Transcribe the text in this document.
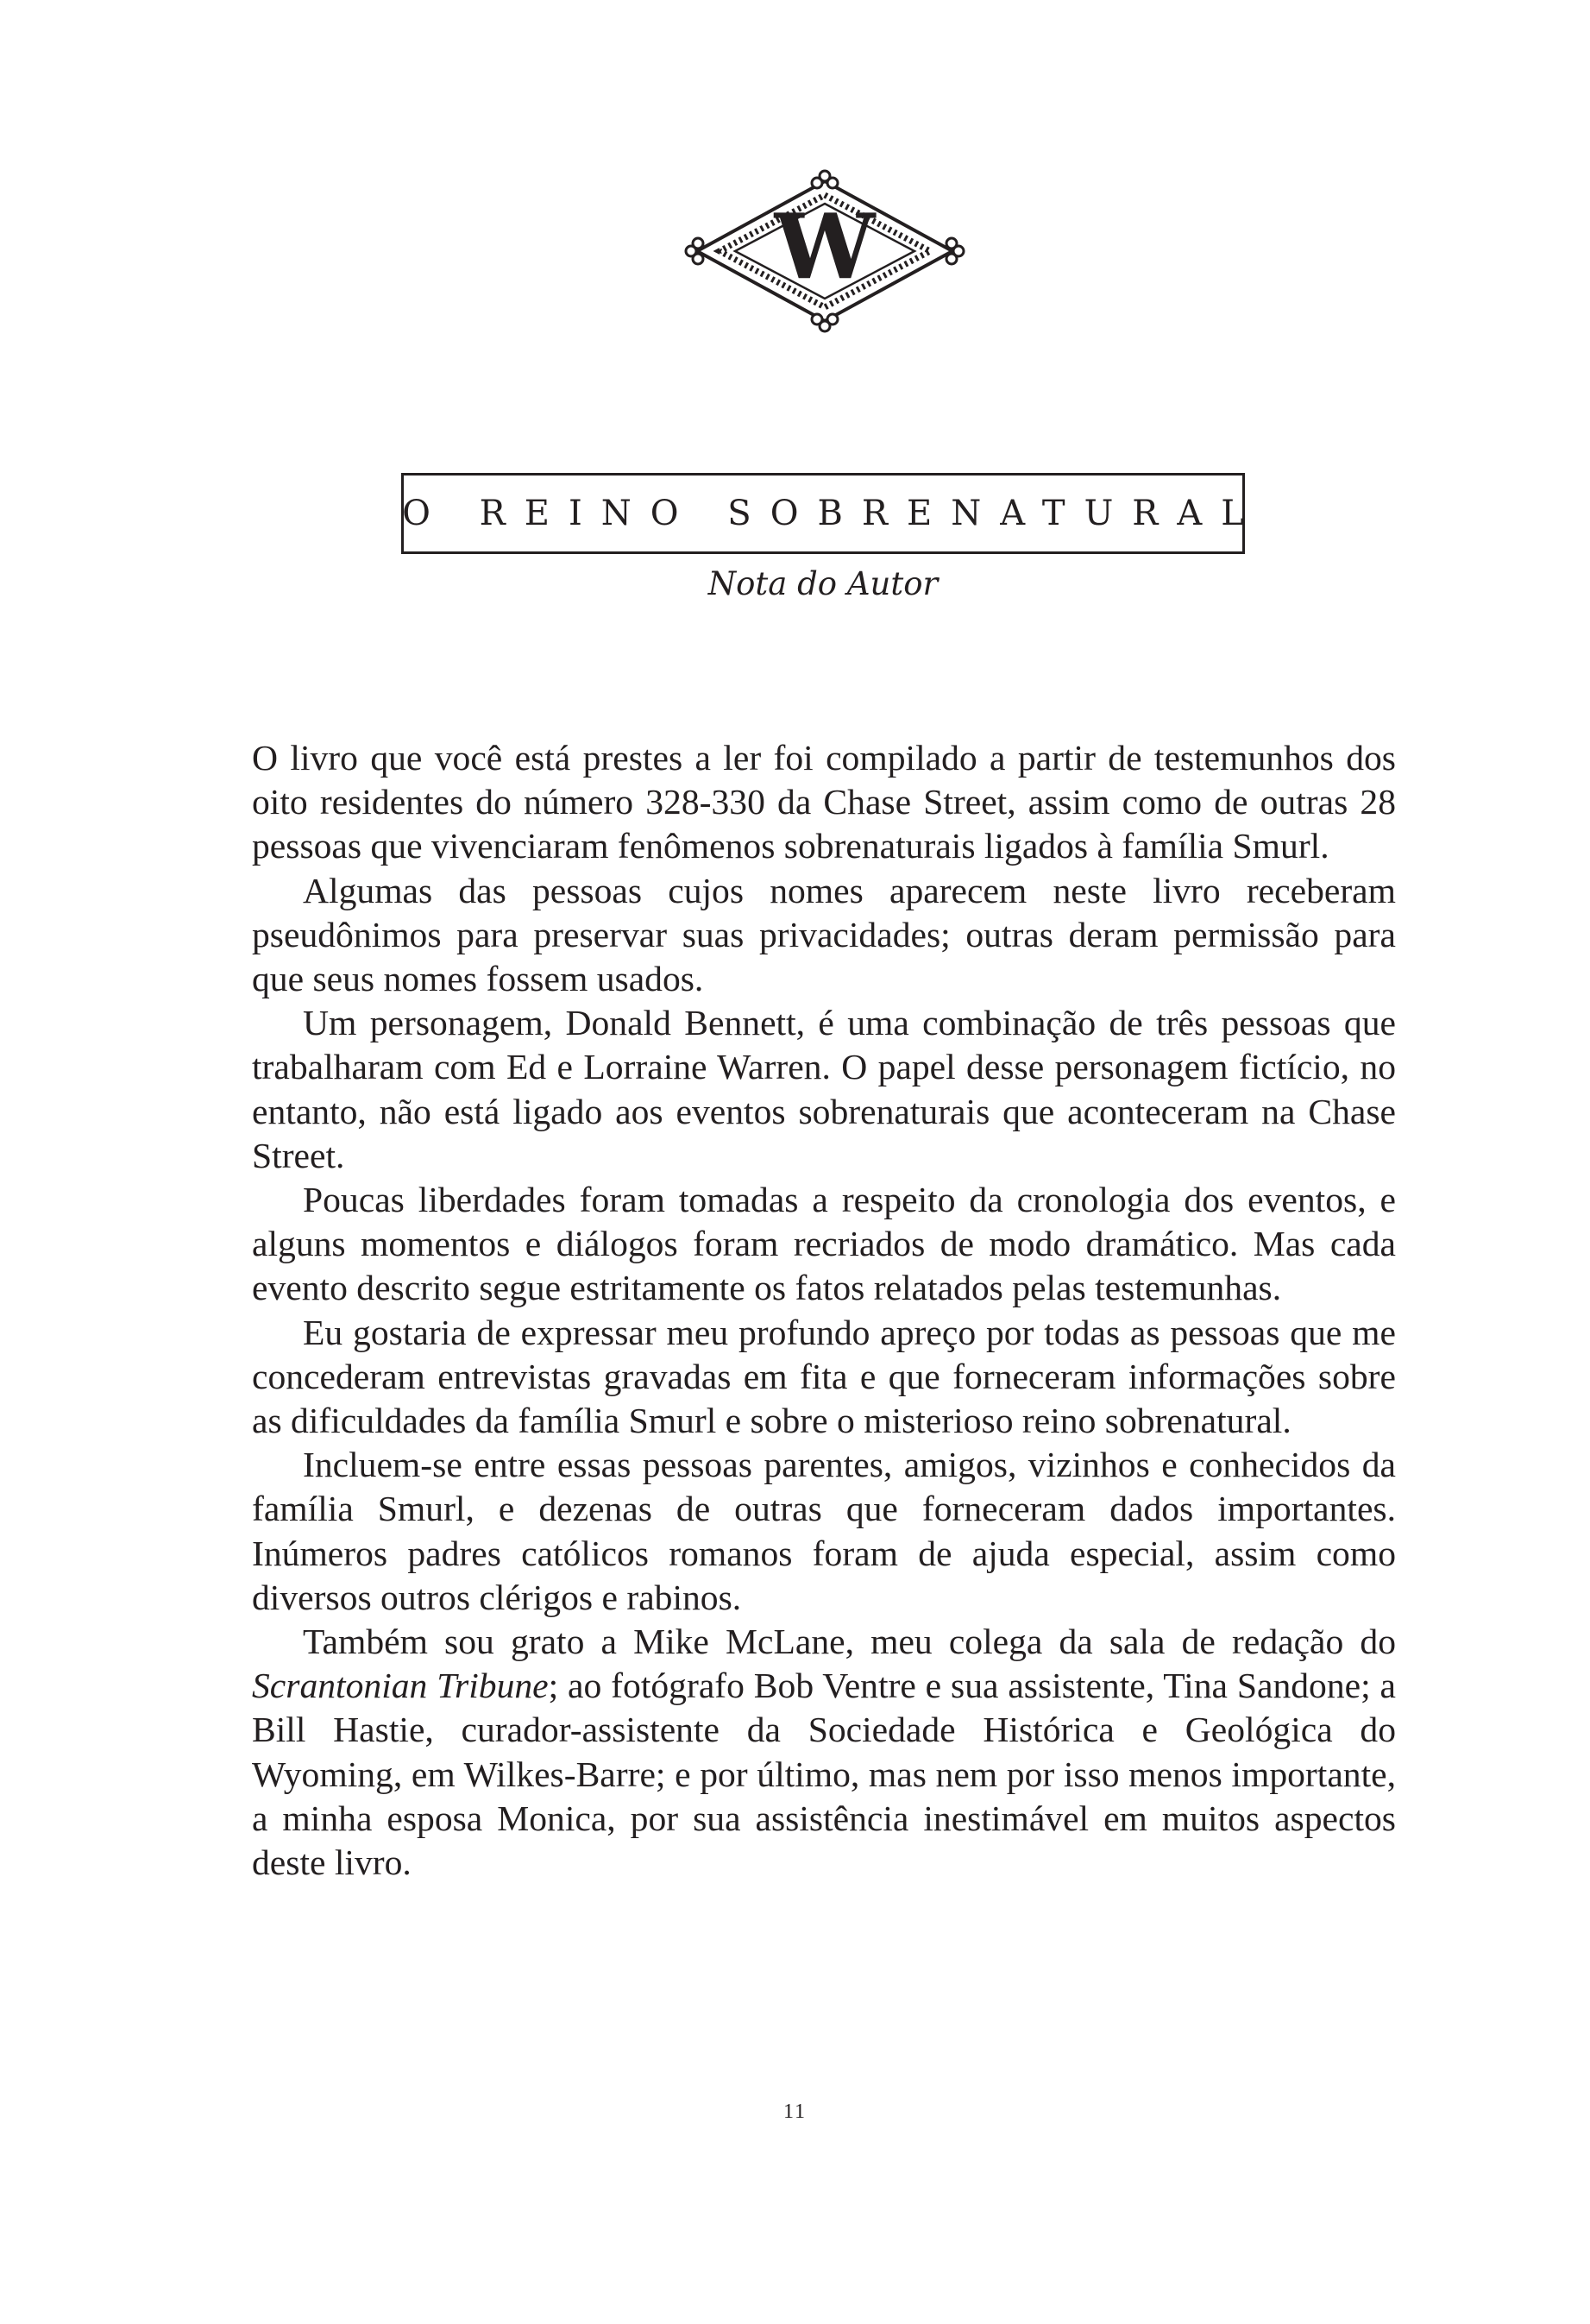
W
O REINO SOBRENATURAL
Nota do Autor

O livro que você está prestes a ler foi compilado a partir de testemunhos dos oito residentes do número 328-330 da Chase Street, assim como de outras 28 pessoas que vivenciaram fenômenos sobrenaturais ligados à família Smurl.

Algumas das pessoas cujos nomes aparecem neste livro receberam pseudônimos para preservar suas privacidades; outras deram permissão para que seus nomes fossem usados.

Um personagem, Donald Bennett, é uma combinação de três pessoas que trabalharam com Ed e Lorraine Warren. O papel desse personagem fictício, no entanto, não está ligado aos eventos sobrenaturais que aconteceram na Chase Street.

Poucas liberdades foram tomadas a respeito da cronologia dos eventos, e alguns momentos e diálogos foram recriados de modo dramático. Mas cada evento descrito segue estritamente os fatos relatados pelas testemunhas.

Eu gostaria de expressar meu profundo apreço por todas as pessoas que me concederam entrevistas gravadas em fita e que forneceram informações sobre as dificuldades da família Smurl e sobre o misterioso reino sobrenatural.

Incluem-se entre essas pessoas parentes, amigos, vizinhos e conhecidos da família Smurl, e dezenas de outras que forneceram dados importantes. Inúmeros padres católicos romanos foram de ajuda especial, assim como diversos outros clérigos e rabinos.

Também sou grato a Mike McLane, meu colega da sala de redação do Scrantonian Tribune; ao fotógrafo Bob Ventre e sua assistente, Tina Sandone; a Bill Hastie, curador-assistente da Sociedade Histórica e Geológica do Wyoming, em Wilkes-Barre; e por último, mas nem por isso menos importante, a minha esposa Monica, por sua assistência inestimável em muitos aspectos deste livro.

11
